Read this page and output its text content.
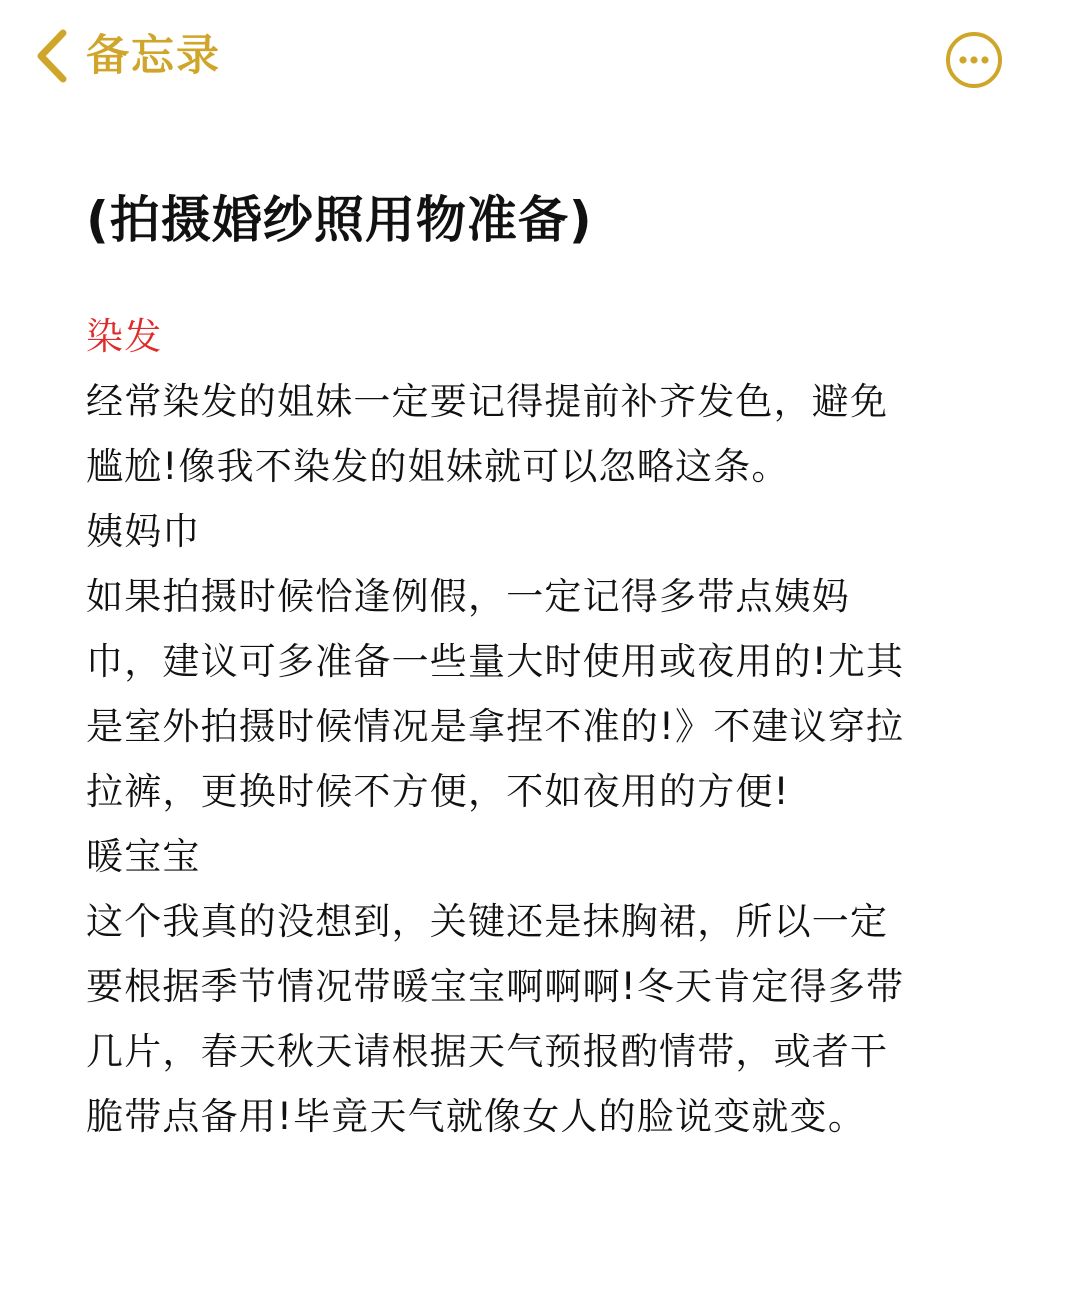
备忘录
(拍摄婚纱照用物准备)
染发
经常染发的姐妹一定要记得提前补齐发色，避免
尴尬!像我不染发的姐妹就可以忽略这条。
姨妈巾
如果拍摄时候恰逢例假，一定记得多带点姨妈
巾，建议可多准备一些量大时使用或夜用的!尤其
是室外拍摄时候情况是拿捏不准的!》不建议穿拉
拉裤，更换时候不方便，不如夜用的方便!
暖宝宝
这个我真的没想到，关键还是抹胸裙，所以一定
要根据季节情况带暖宝宝啊啊啊!冬天肯定得多带
几片，春天秋天请根据天气预报酌情带，或者干
脆带点备用!毕竟天气就像女人的脸说变就变。
